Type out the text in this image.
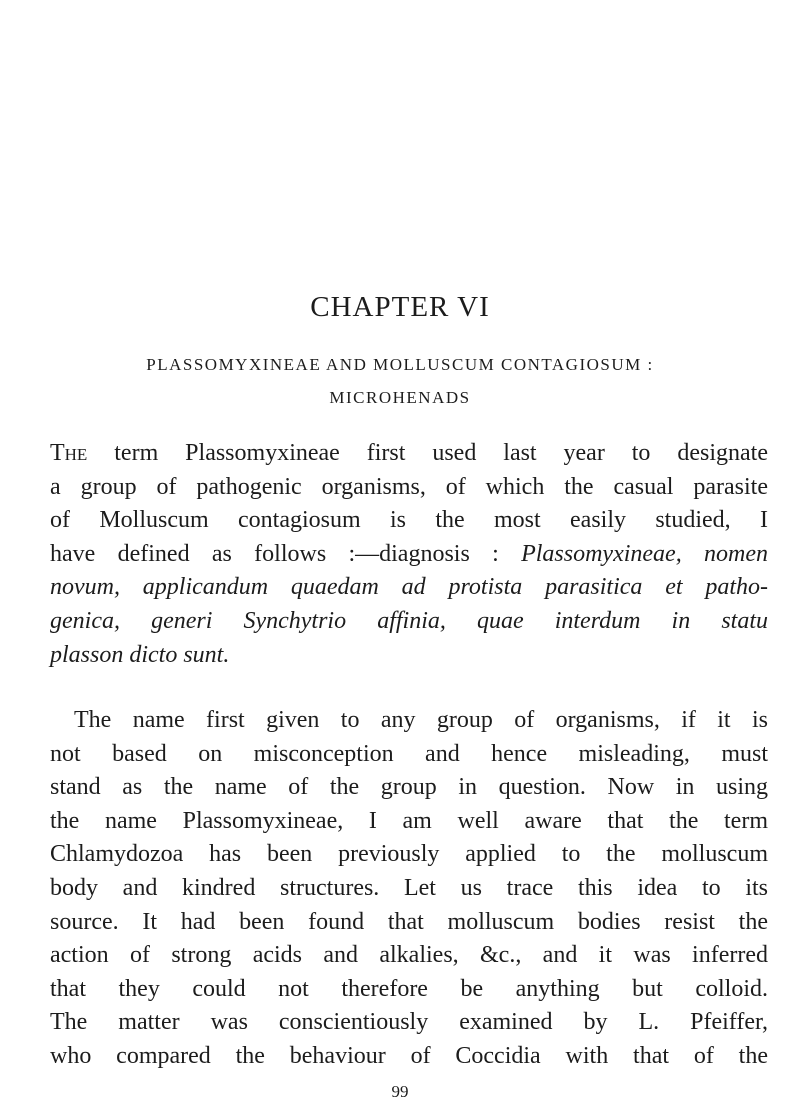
CHAPTER VI

PLASSOMYXINEAE AND MOLLUSCUM CONTAGIOSUM :

MICROHENADS

The term Plassomyxineae first used last year to designate
a group of pathogenic organisms, of which the casual parasite
of Molluscum contagiosum is the most easily studied, I
have defined as follows :—diagnosis : Plassomyxineae, nomen
novum, applicandum quaedam ad protista parasitica et patho-
genica, generi Synchytrio affinia, quae interdum in statu
plasson dicto sunt.
The name first given to any group of organisms, if it is
not based on misconception and hence misleading, must
stand as the name of the group in question. Now in using
the name Plassomyxineae, I am well aware that the term
Chlamydozoa has been previously applied to the molluscum
body and kindred structures. Let us trace this idea to its
source. It had been found that molluscum bodies resist the
action of strong acids and alkalies, &c., and it was inferred
that they could not therefore be anything but colloid.
The matter was conscientiously examined by L. Pfeiffer,
who compared the behaviour of Coccidia with that of the

99
